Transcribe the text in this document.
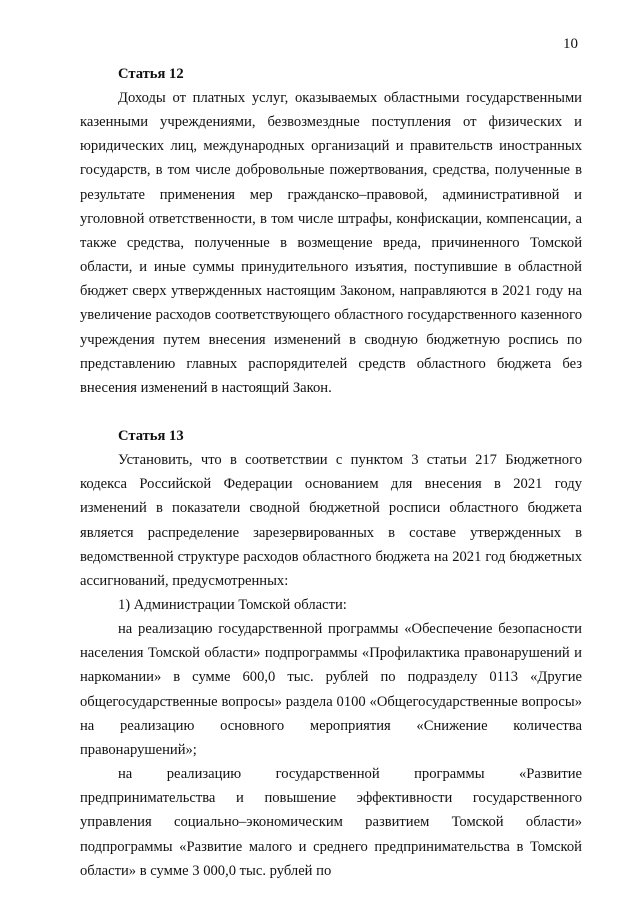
10
Статья 12

Доходы от платных услуг, оказываемых областными государственными казенными учреждениями, безвозмездные поступления от физических и юридических лиц, международных организаций и правительств иностранных государств, в том числе добровольные пожертвования, средства, полученные в результате применения мер гражданско–правовой, административной и уголовной ответственности, в том числе штрафы, конфискации, компенсации, а также средства, полученные в возмещение вреда, причиненного Томской области, и иные суммы принудительного изъятия, поступившие в областной бюджет сверх утвержденных настоящим Законом, направляются в 2021 году на увеличение расходов соответствующего областного государственного казенного учреждения путем внесения изменений в сводную бюджетную роспись по представлению главных распорядителей средств областного бюджета без внесения изменений в настоящий Закон.

Статья 13

Установить, что в соответствии с пунктом 3 статьи 217 Бюджетного кодекса Российской Федерации основанием для внесения в 2021 году изменений в показатели сводной бюджетной росписи областного бюджета является распределение зарезервированных в составе утвержденных в ведомственной структуре расходов областного бюджета на 2021 год бюджетных ассигнований, предусмотренных:

1) Администрации Томской области:

на реализацию государственной программы «Обеспечение безопасности населения Томской области» подпрограммы «Профилактика правонарушений и наркомании» в сумме 600,0 тыс. рублей по подразделу 0113 «Другие общегосударственные вопросы» раздела 0100 «Общегосударственные вопросы» на реализацию основного мероприятия «Снижение количества правонарушений»;

на реализацию государственной программы «Развитие предпринимательства и повышение эффективности государственного управления социально–экономическим развитием Томской области» подпрограммы «Развитие малого и среднего предпринимательства в Томской области» в сумме 3 000,0 тыс. рублей по
